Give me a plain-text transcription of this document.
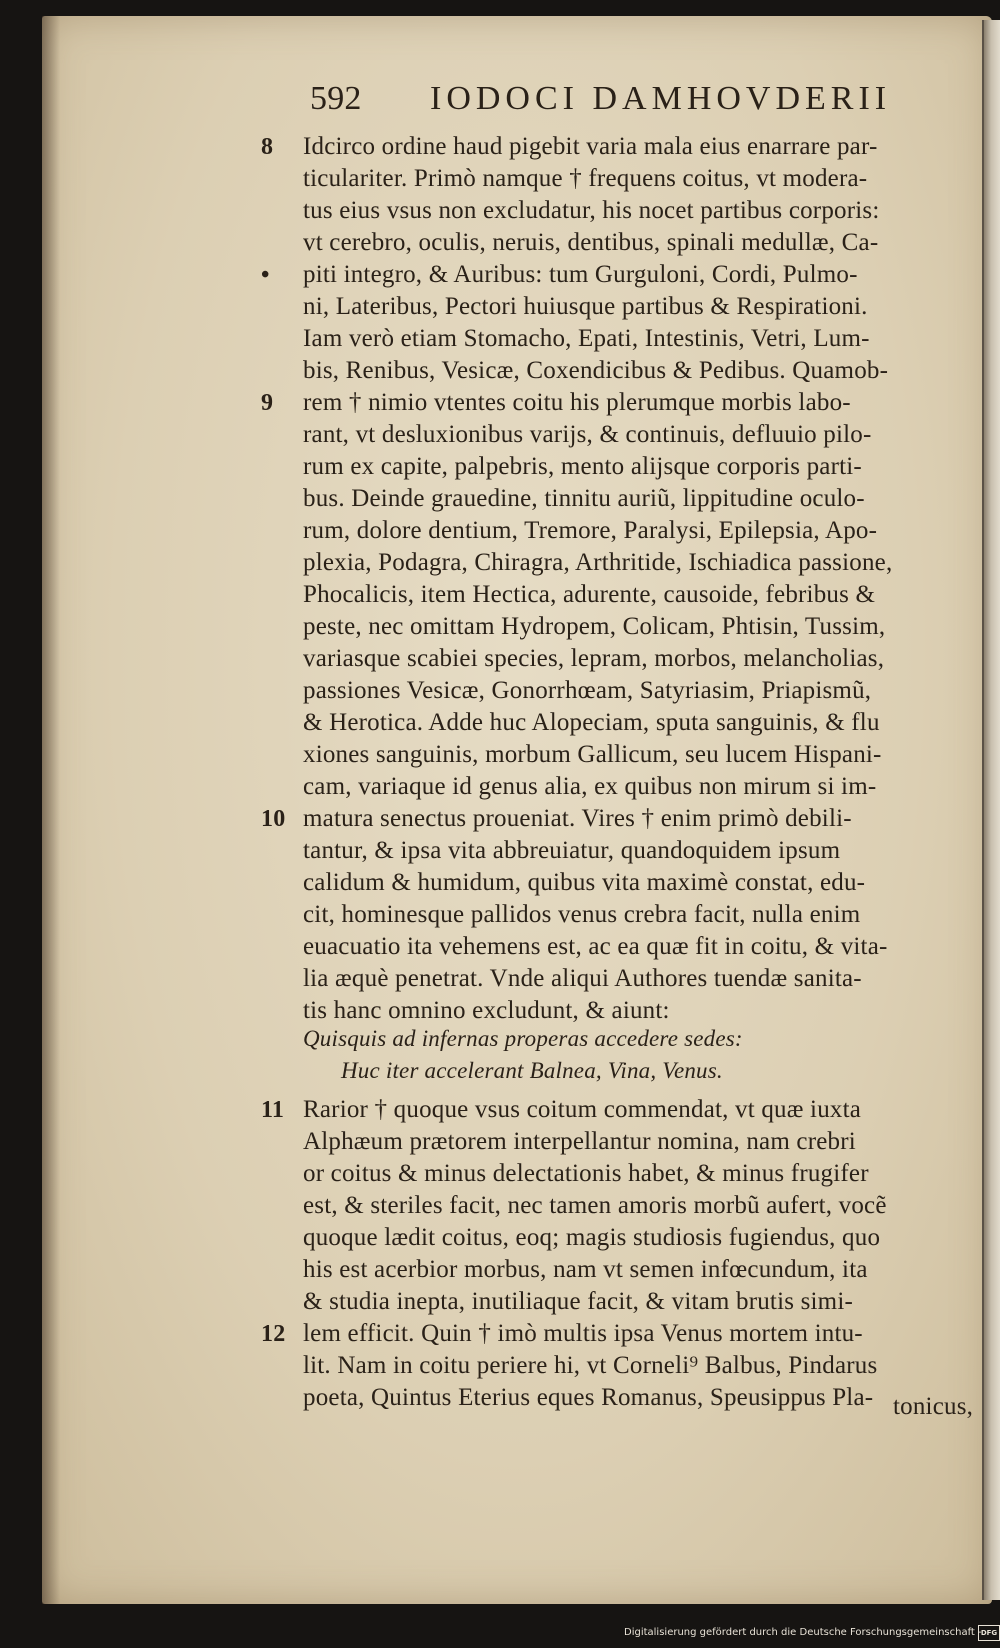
592 IODOCI DAMHOVDERII
8 Idcirco ordine haud pigebit varia mala eius enarrare par-
ticulariter. Primò namque † frequens coitus, vt modera-
tus eius vsus non excludatur, his nocet partibus corporis:
vt cerebro, oculis, neruis, dentibus, spinali medullæ, Ca-
• piti integro, & Auribus: tum Gurguloni, Cordi, Pulmo-
ni, Lateribus, Pectori huiusque partibus & Respirationi.
Iam verò etiam Stomacho, Epati, Intestinis, Vetri, Lum-
bis, Renibus, Vesicæ, Coxendicibus & Pedibus. Quamob-
9 rem † nimio vtentes coitu his plerumque morbis labo-
rant, vt desluxionibus varijs, & continuis, defluuio pilo-
rum ex capite, palpebris, mento alijsque corporis parti-
bus. Deinde grauedine, tinnitu auriũ, lippitudine oculo-
rum, dolore dentium, Tremore, Paralysi, Epilepsia, Apo-
plexia, Podagra, Chiragra, Arthritide, Ischiadica passione,
Phocalicis, item Hectica, adurente, causoide, febribus &
peste, nec omittam Hydropem, Colicam, Phtisin, Tussim,
variasque scabiei species, lepram, morbos, melancholias,
passiones Vesicæ, Gonorrhœam, Satyriasim, Priapismũ,
& Herotica. Adde huc Alopeciam, sputa sanguinis, & flu
xiones sanguinis, morbum Gallicum, seu lucem Hispani-
cam, variaque id genus alia, ex quibus non mirum si im-
10 matura senectus proueniat. Vires † enim primò debili-
tantur, & ipsa vita abbreuiatur, quandoquidem ipsum
calidum & humidum, quibus vita maximè constat, edu-
cit, hominesque pallidos venus crebra facit, nulla enim
euacuatio ita vehemens est, ac ea quæ fit in coitu, & vita-
lia æquè penetrat. Vnde aliqui Authores tuendæ sanita-
tis hanc omnino excludunt, & aiunt:
Quisquis ad infernas properas accedere sedes:
Huc iter accelerant Balnea, Vina, Venus.
11 Rarior † quoque vsus coitum commendat, vt quæ iuxta
Alphæum prætorem interpellantur nomina, nam crebri
or coitus & minus delectationis habet, & minus frugifer
est, & steriles facit, nec tamen amoris morbũ aufert, vocẽ
quoque lædit coitus, eoq; magis studiosis fugiendus, quo
his est acerbior morbus, nam vt semen infœcundum, ita
& studia inepta, inutiliaque facit, & vitam brutis simi-
12 lem efficit. Quin † imò multis ipsa Venus mortem intu-
lit. Nam in coitu periere hi, vt Corneli⁹ Balbus, Pindarus
poeta, Quintus Eterius eques Romanus, Speusippus Pla- tonicus,
Digitalisierung gefördert durch die Deutsche Forschungsgemeinschaft - DFG
